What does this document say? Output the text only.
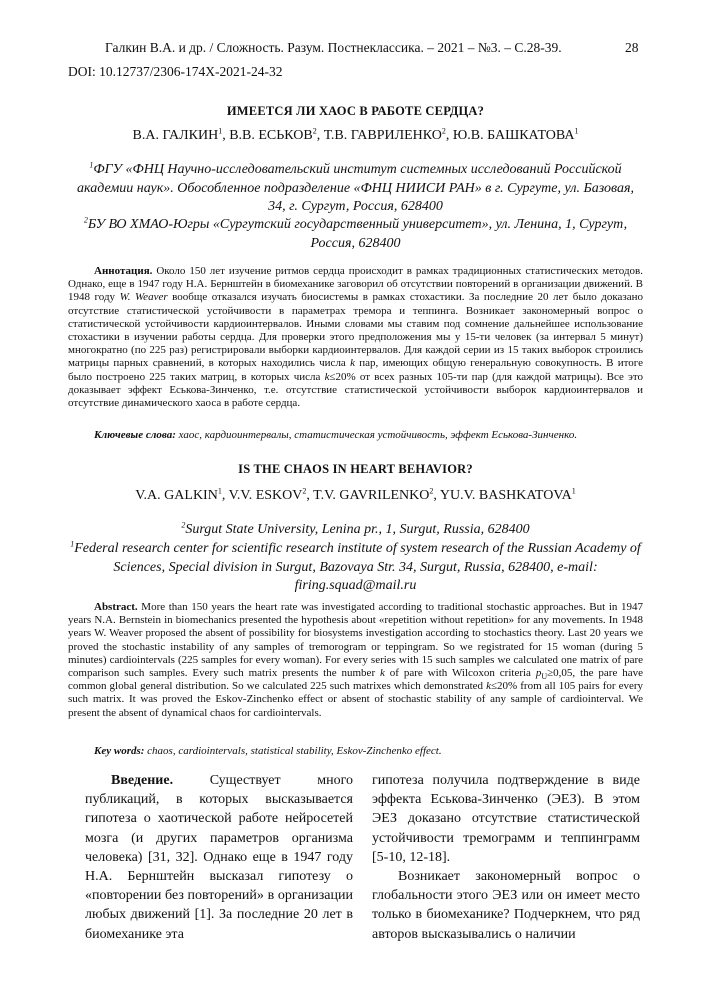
Галкин В.А. и др. / Сложность. Разум. Постнеклассика. – 2021 – №3. – С.28-39.	28
DOI: 10.12737/2306-174X-2021-24-32
ИМЕЕТСЯ ЛИ ХАОС В РАБОТЕ СЕРДЦА?
В.А. ГАЛКИН$^1$, В.В. ЕСЬКОВ$^2$, Т.В. ГАВРИЛЕНКО$^2$, Ю.В. БАШКАТОВА$^1$
$^1$ФГУ «ФНЦ Научно-исследовательский институт системных исследований Российской академии наук». Обособленное подразделение «ФНЦ НИИСИ РАН» в г. Сургуте, ул. Базовая, 34, г. Сургут, Россия, 628400
$^2$БУ ВО ХМАО-Югры «Сургутский государственный университет», ул. Ленина, 1, Сургут, Россия, 628400
Аннотация. Около 150 лет изучение ритмов сердца происходит в рамках традиционных статистических методов. Однако, еще в 1947 году Н.А. Бернштейн в биомеханике заговорил об отсутствии повторений в организации движений. В 1948 году W. Weaver вообще отказался изучать биосистемы в рамках стохастики. За последние 20 лет было доказано отсутствие статистической устойчивости в параметрах тремора и теппинга. Возникает закономерный вопрос о статистической устойчивости кардиоинтервалов. Иными словами мы ставим под сомнение дальнейшее использование стохастики в изучении работы сердца. Для проверки этого предположения мы у 15-ти человек (за интервал 5 минут) многократно (по 225 раз) регистрировали выборки кардиоинтервалов. Для каждой серии из 15 таких выборок строились матрицы парных сравнений, в которых находились числа k пар, имеющих общую генеральную совокупность. В итоге было построено 225 таких матриц, в которых числа k≤20% от всех разных 105-ти пар (для каждой матрицы). Все это доказывает эффект Еськова-Зинченко, т.е. отсутствие статистической устойчивости выборок кардиоинтервалов и отсутствие динамического хаоса в работе сердца.
Ключевые слова: хаос, кардиоинтервалы, статистическая устойчивость, эффект Еськова-Зинченко.
IS THE CHAOS IN HEART BEHAVIOR?
V.A. GALKIN$^1$, V.V. ESKOV$^2$, T.V. GAVRILENKO$^2$, YU.V. BASHKATOVA$^1$
$^2$Surgut State University, Lenina pr., 1, Surgut, Russia, 628400
$^1$Federal research center for scientific research institute of system research of the Russian Academy of Sciences, Special division in Surgut, Bazovaya Str. 34, Surgut, Russia, 628400, e-mail: firing.squad@mail.ru
Abstract. More than 150 years the heart rate was investigated according to traditional stochastic approaches. But in 1947 years N.A. Bernstein in biomechanics presented the hypothesis about «repetition without repetition» for any movements. In 1948 years W. Weaver proposed the absent of possibility for biosystems investigation according to stochastics theory. Last 20 years we proved the stochastic instability of any samples of tremorogram or teppingram. So we registrated for 15 woman (during 5 minutes) cardiointervals (225 samples for every woman). For every series with 15 such samples we calculated one matrix of pare comparison such samples. Every such matrix presents the number k of pare with Wilcoxon criteria $p_U\ge 0,05$, the pare have common global general distribution. So we calculated 225 such matrixes which demonstrated k≤20% from all 105 pairs for every such matrix. It was proved the Eskov-Zinchenko effect or absent of stochastic stability of any sample of cardiointerval. We present the absent of dynamical chaos for cardiointervals.
Key words: chaos, cardiointervals, statistical stability, Eskov-Zinchenko effect.

Введение. Существует много публикаций, в которых высказывается гипотеза о хаотической работе нейросетей мозга (и других параметров организма человека) [31, 32]. Однако еще в 1947 году Н.А. Бернштейн высказал гипотезу о «повторении без повторений» в организации любых движений [1]. За последние 20 лет в биомеханике эта

гипотеза получила подтверждение в виде эффекта Еськова-Зинченко (ЭЕЗ). В этом ЭЕЗ доказано отсутствие статистической устойчивости тремограмм и теппинграмм [5-10, 12-18].

Возникает закономерный вопрос о глобальности этого ЭЕЗ или он имеет место только в биомеханике? Подчеркнем, что ряд авторов высказывались о наличии
